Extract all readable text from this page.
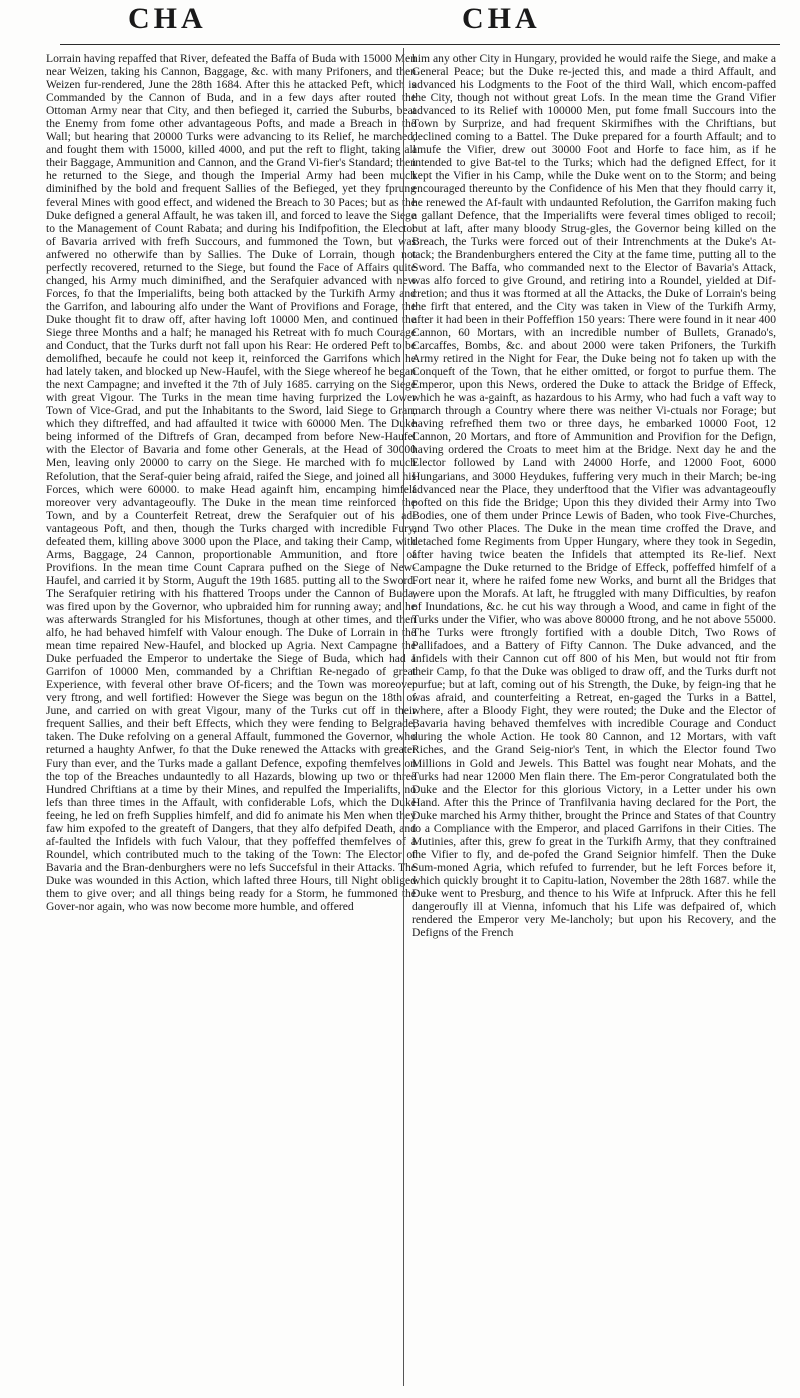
CHA	CHA

Lorrain having repaffed that River, defeated the Baffa of Buda with 15000 Men near Weizen, taking his Cannon, Baggage, &c. with many Prifoners, and then Weizen fur-rendered, June the 28th 1684. After this he attacked Peft, which is Commanded by the Cannon of Buda, and in a few days after routed the Ottoman Army near that City, and then befieged it, carried the Suburbs, beat the Enemy from fome other advantageous Pofts, and made a Breach in the Wall; but hearing that 20000 Turks were advancing to its Relief, he marched, and fought them with 15000, killed 4000, and put the reft to flight, taking all their Baggage, Ammunition and Cannon, and the Grand Vi-fier's Standard; then he returned to the Siege, and though the Imperial Army had been much diminifhed by the bold and frequent Sallies of the Befieged, yet they fprung feveral Mines with good effect, and widened the Breach to 30 Paces; but as the Duke defigned a general Affault, he was taken ill, and forced to leave the Siege to the Management of Count Rabata; and during his Indifpofition, the Elector of Bavaria arrived with frefh Succours, and fummoned the Town, but was anfwered no otherwife than by Sallies. The Duke of Lorrain, though not perfectly recovered, returned to the Siege, but found the Face of Affairs quite changed, his Army much diminifhed, and the Serafquier advanced with new Forces, fo that the Imperialifts, being both attacked by the Turkifh Army and the Garrifon, and labouring alfo under the Want of Provifions and Forage, the Duke thought fit to draw off, after having loft 10000 Men, and continued the Siege three Months and a half; he managed his Retreat with fo much Courage and Conduct, that the Turks durft not fall upon his Rear: He ordered Peft to be demolifhed, becaufe he could not keep it, reinforced the Garrifons which he had lately taken, and blocked up New-Haufel, with the Siege whereof he began the next Campagne; and invefted it the 7th of July 1685. carrying on the Siege with great Vigour. The Turks in the mean time having furprized the Lower Town of Vice-Grad, and put the Inhabitants to the Sword, laid Siege to Gran, which they diftreffed, and had affaulted it twice with 60000 Men. The Duke being informed of the Diftrefs of Gran, decamped from before New-Haufel with the Elector of Bavaria and fome other Generals, at the Head of 30000 Men, leaving only 20000 to carry on the Siege. He marched with fo much Refolution, that the Seraf-quier being afraid, raifed the Siege, and joined all his Forces, which were 60000. to make Head againft him, encamping himfelf moreover very advantageoufly. The Duke in the mean time reinforced the Town, and by a Counterfeit Retreat, drew the Serafquier out of his ad-vantageous Poft, and then, though the Turks charged with incredible Fury, defeated them, killing above 3000 upon the Place, and taking their Camp, with Arms, Baggage, 24 Cannon, proportionable Ammunition, and ftore of Provifions. In the mean time Count Caprara pufhed on the Siege of New-Haufel, and carried it by Storm, Auguft the 19th 1685. putting all to the Sword. The Serafquier retiring with his fhattered Troops under the Cannon of Buda, was fired upon by the Governor, who upbraided him for running away; and he was afterwards Strangled for his Misfortunes, though at other times, and then alfo, he had behaved himfelf with Valour enough. The Duke of Lorrain in the mean time repaired New-Haufel, and blocked up Agria. Next Campagne the Duke perfuaded the Emperor to undertake the Siege of Buda, which had a Garrifon of 10000 Men, commanded by a Chriftian Re-negado of great Experience, with feveral other brave Of-ficers; and the Town was moreover very ftrong, and well fortified: However the Siege was begun on the 18th of June, and carried on with great Vigour, many of the Turks cut off in their frequent Sallies, and their beft Effects, which they were fending to Belgrade, taken. The Duke refolving on a general Affault, fummoned the Governor, who returned a haughty Anfwer, fo that the Duke renewed the Attacks with greater Fury than ever, and the Turks made a gallant Defence, expofing themfelves on the top of the Breaches undauntedly to all Hazards, blowing up two or three Hundred Chriftians at a time by their Mines, and repulfed the Imperialifts, no lefs than three times in the Affault, with confiderable Lofs, which the Duke feeing, he led on frefh Supplies himfelf, and did fo animate his Men when they faw him expofed to the greateft of Dangers, that they alfo defpifed Death, and af-faulted the Infidels with fuch Valour, that they poffeffed themfelves of a Roundel, which contributed much to the taking of the Town: The Elector of Bavaria and the Bran-denburghers were no lefs Succefsful in their Attacks. The Duke was wounded in this Action, which lafted three Hours, till Night obliged them to give over; and all things being ready for a Storm, he fummoned the Gover-nor again, who was now become more humble, and offered

him any other City in Hungary, provided he would raife the Siege, and make a General Peace; but the Duke re-jected this, and made a third Affault, and advanced his Lodgments to the Foot of the third Wall, which encom-paffed the City, though not without great Lofs. In the mean time the Grand Vifier advanced to its Relief with 100000 Men, put fome fmall Succours into the Town by Surprize, and had frequent Skirmifhes with the Chriftians, but declined coming to a Battel. The Duke prepared for a fourth Affault; and to amufe the Vifier, drew out 30000 Foot and Horfe to face him, as if he intended to give Bat-tel to the Turks; which had the defigned Effect, for it kept the Vifier in his Camp, while the Duke went on to the Storm; and being encouraged thereunto by the Confidence of his Men that they fhould carry it, he renewed the Af-fault with undaunted Refolution, the Garrifon making fuch a gallant Defence, that the Imperialifts were feveral times obliged to recoil; but at laft, after many bloody Strug-gles, the Governor being killed on the Breach, the Turks were forced out of their Intrenchments at the Duke's At-tack; the Brandenburghers entered the City at the fame time, putting all to the Sword. The Baffa, who commanded next to the Elector of Bavaria's Attack, was alfo forced to give Ground, and retiring into a Roundel, yielded at Dif-cretion; and thus it was ftormed at all the Attacks, the Duke of Lorrain's being the firft that entered, and the City was taken in View of the Turkifh Army, after it had been in their Poffeffion 150 years: There were found in it near 400 Cannon, 60 Mortars, with an incredible number of Bullets, Granado's, Carcaffes, Bombs, &c. and about 2000 were taken Prifoners, the Turkifh Army retired in the Night for Fear, the Duke being not fo taken up with the Conqueft of the Town, that he either omitted, or forgot to purfue them. The Emperor, upon this News, ordered the Duke to attack the Bridge of Effeck, which he was a-gainft, as hazardous to his Army, who had fuch a vaft way to march through a Country where there was neither Vi-ctuals nor Forage; but having refrefhed them two or three days, he embarked 10000 Foot, 12 Cannon, 20 Mortars, and ftore of Ammunition and Provifion for the Defign, having ordered the Croats to meet him at the Bridge. Next day he and the Elector followed by Land with 24000 Horfe, and 12000 Foot, 6000 Hungarians, and 3000 Heydukes, fuffering very much in their March; be-ing advanced near the Place, they underftood that the Vifier was advantageoufly pofted on this fide the Bridge; Upon this they divided their Army into Two Bodies, one of them under Prince Lewis of Baden, who took Five-Churches, and Two other Places. The Duke in the mean time croffed the Drave, and detached fome Regiments from Upper Hungary, where they took in Segedin, after having twice beaten the Infidels that attempted its Re-lief. Next Campagne the Duke returned to the Bridge of Effeck, poffeffed himfelf of a Fort near it, where he raifed fome new Works, and burnt all the Bridges that were upon the Morafs. At laft, he ftruggled with many Difficulties, by reafon of Inundations, &c. he cut his way through a Wood, and came in fight of the Turks under the Vifier, who was above 80000 ftrong, and he not above 55000. The Turks were ftrongly fortified with a double Ditch, Two Rows of Pallifadoes, and a Battery of Fifty Cannon. The Duke advanced, and the Infidels with their Cannon cut off 800 of his Men, but would not ftir from their Camp, fo that the Duke was obliged to draw off, and the Turks durft not purfue; but at laft, coming out of his Strength, the Duke, by feign-ing that he was afraid, and counterfeiting a Retreat, en-gaged the Turks in a Battel, where, after a Bloody Fight, they were routed; the Duke and the Elector of Bavaria having behaved themfelves with incredible Courage and Conduct during the whole Action. He took 80 Cannon, and 12 Mortars, with vaft Riches, and the Grand Seig-nior's Tent, in which the Elector found Two Millions in Gold and Jewels. This Battel was fought near Mohats, and the Turks had near 12000 Men flain there. The Em-peror Congratulated both the Duke and the Elector for this glorious Victory, in a Letter under his own Hand. After this the Prince of Tranfilvania having declared for the Port, the Duke marched his Army thither, brought the Prince and States of that Country to a Compliance with the Emperor, and placed Garrifons in their Cities. The Mutinies, after this, grew fo great in the Turkifh Army, that they conftrained the Vifier to fly, and de-pofed the Grand Seignior himfelf. Then the Duke Sum-moned Agria, which refufed to furrender, but he left Forces before it, which quickly brought it to Capitu-lation, November the 28th 1687. while the Duke went to Presburg, and thence to his Wife at Infpruck. After this he fell dangeroufly ill at Vienna, infomuch that his Life was defpaired of, which rendered the Emperor very Me-lancholy; but upon his Recovery, and the Defigns of the French
